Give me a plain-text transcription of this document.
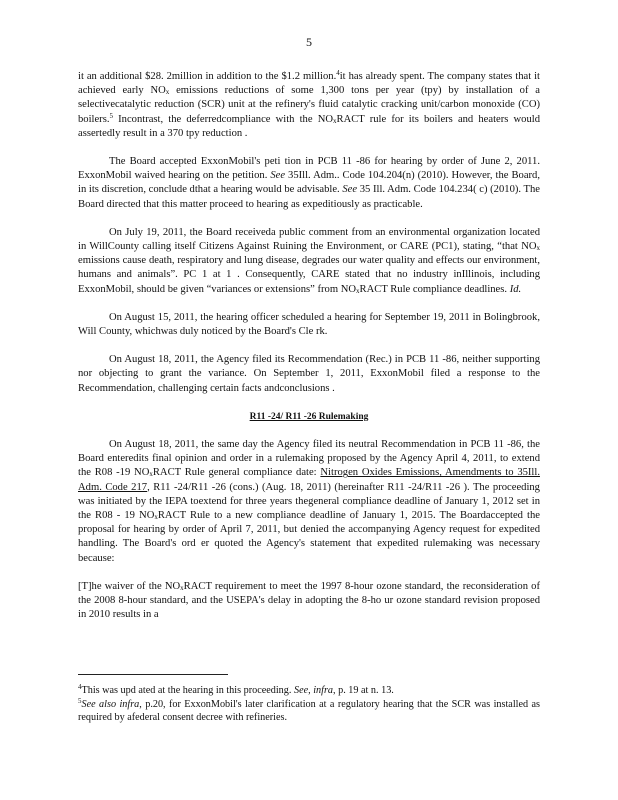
5

it an additional $28. 2million in addition to the $1.2 million.$^4$it has already spent. The company states that it achieved early $NO_x$ emissions reductions of some 1,300 tons per year (tpy) by installation of a selectivecatalytic reduction (SCR) unit at the refinery's fluid catalytic cracking unit/carbon monoxide (CO) boilers.$^5$ Incontrast, the deferredcompliance with the $NO_xRACT$ rule for its boilers and heaters would assertedly result in a 370 tpy reduction .

The Board accepted ExxonMobil's peti tion in PCB 11 -86 for hearing by order of June 2, 2011. ExxonMobil waived hearing on the petition. See 35Ill. Adm.. Code 104.204(n) (2010). However, the Board, in its discretion, conclude dthat a hearing would be advisable. See 35 Ill. Adm. Code 104.234( c) (2010). The Board directed that this matter proceed to hearing as expeditiously as practicable.

On July 19, 2011, the Board receiveda public comment from an environmental organization located in WillCounty calling itself Citizens Against Ruining the Environment, or CARE (PC1), stating, “that $NO_x$ emissions cause death, respiratory and lung disease, degrades our water quality and effects our environment, humans and animals”. PC 1 at 1 . Consequently, CARE stated that no industry inIllinois, including ExxonMobil, should be given “variances or extensions” from $NO_xRACT$ Rule compliance deadlines. Id.

On August 15, 2011, the hearing officer scheduled a hearing for September 19, 2011 in Bolingbrook, Will County, whichwas duly noticed by the Board's Cle rk.

On August 18, 2011, the Agency filed its Recommendation (Rec.) in PCB 11 -86, neither supporting nor objecting to grant the variance. On September 1, 2011, ExxonMobil filed a response to the Recommendation, challenging certain facts andconclusions .

R11 -24/ R11 -26 Rulemaking

On August 18, 2011, the same day the Agency filed its neutral Recommendation in PCB 11 -86, the Board enteredits final opinion and order in a rulemaking proposed by the Agency April 4, 2011, to extend the R08 -19 $NO_xRACT$ Rule general compliance date: Nitrogen Oxides Emissions, Amendments to 35Ill. Adm. Code 217, R11 -24/R11 -26 (cons.) (Aug. 18, 2011) (hereinafter R11 -24/R11 -26 ). The proceeding was initiated by the IEPA toextend for three years thegeneral compliance deadline of January 1, 2012 set in the R08 - 19 $NO_xRACT$ Rule to a new compliance deadline of January 1, 2015. The Boardaccepted the proposal for hearing by order of April 7, 2011, but denied the accompanying Agency request for expedited handling. The Board's ord er quoted the Agency's statement that expedited rulemaking was necessary because:

[T]he waiver of the $NO_xRACT$ requirement to meet the 1997 8-hour ozone standard, the reconsideration of the 2008 8-hour standard, and the USEPA's delay in adopting the 8-ho ur ozone standard revision proposed in 2010 results in a

$^4$This was upd ated at the hearing in this proceeding. See, infra, p. 19 at n. 13.

$^5$See also infra, p.20, for ExxonMobil's later clarification at a regulatory hearing that the SCR was installed as required by afederal consent decree with refineries.
